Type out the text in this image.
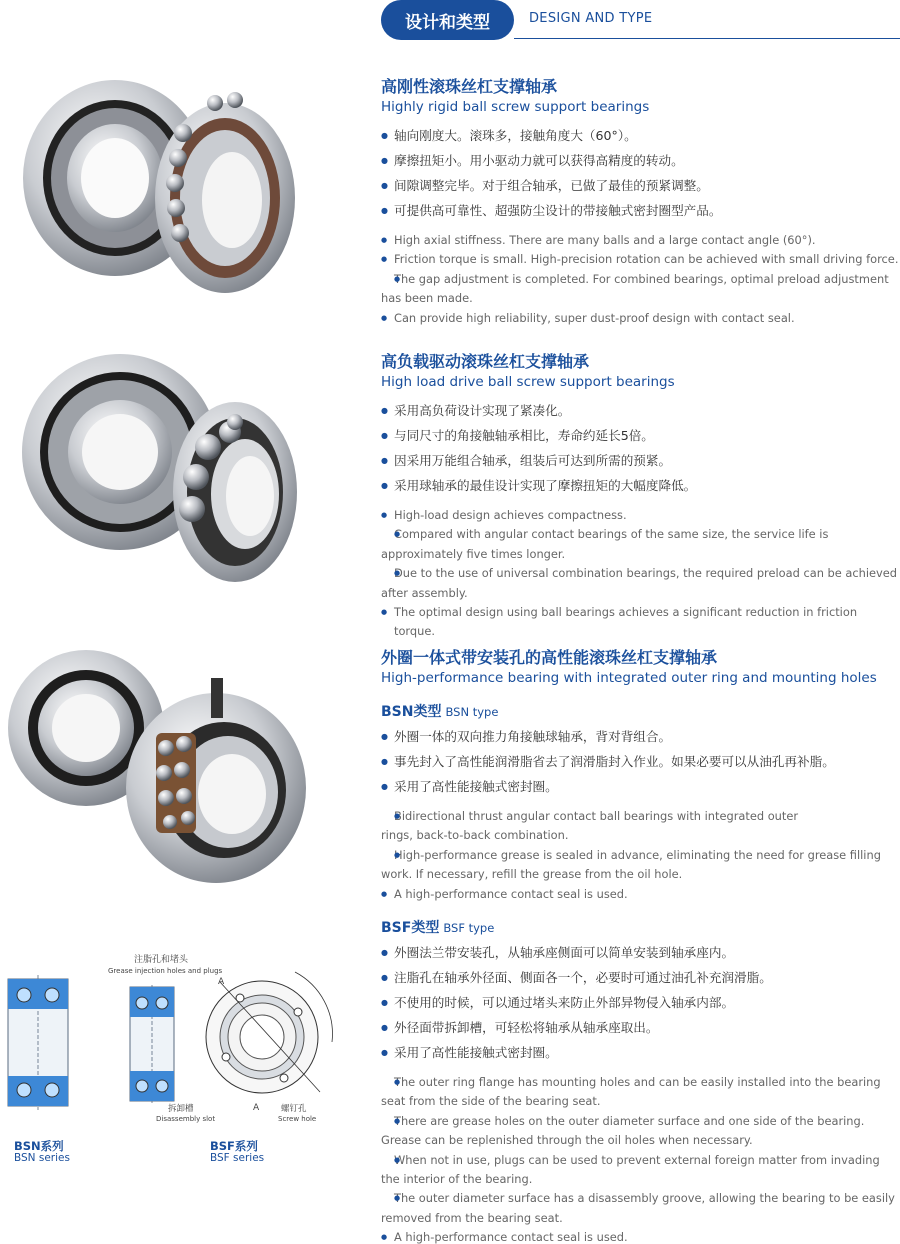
设计和类型	DESIGN AND TYPE
注脂孔和堵头
Grease injection holes and plugs
拆卸槽
Disassembly slot
螺钉孔
Screw hole
A
A
BSN系列
BSN series
BSF系列
BSF series
高刚性滚珠丝杠支撑轴承
Highly rigid ball screw support bearings
● 轴向刚度大。滚珠多，接触角度大（60°）。
● 摩擦扭矩小。用小驱动力就可以获得高精度的转动。
● 间隙调整完毕。对于组合轴承，已做了最佳的预紧调整。
● 可提供高可靠性、超强防尘设计的带接触式密封圈型产品。
● High axial stiffness. There are many balls and a large contact angle (60°).
● Friction torque is small. High-precision rotation can be achieved with small driving force.
● The gap adjustment is completed. For combined bearings, optimal preload adjustment has been made.
● Can provide high reliability, super dust-proof design with contact seal.
高负载驱动滚珠丝杠支撑轴承
High load drive ball screw support bearings
● 采用高负荷设计实现了紧凑化。
● 与同尺寸的角接触轴承相比，寿命约延长5倍。
● 因采用万能组合轴承，组装后可达到所需的预紧。
● 采用球轴承的最佳设计实现了摩擦扭矩的大幅度降低。
● High-load design achieves compactness.
● Compared with angular contact bearings of the same size, the service life is approximately five times longer.
● Due to the use of universal combination bearings, the required preload can be achieved after assembly.
● The optimal design using ball bearings achieves a significant reduction in friction torque.
外圈一体式带安装孔的高性能滚珠丝杠支撑轴承
High-performance bearing with integrated outer ring and mounting holes
BSN类型 BSN type
● 外圈一体的双向推力角接触球轴承，背对背组合。
● 事先封入了高性能润滑脂省去了润滑脂封入作业。如果必要可以从油孔再补脂。
● 采用了高性能接触式密封圈。
● Bidirectional thrust angular contact ball bearings with integrated outer rings, back-to-back combination.
● High-performance grease is sealed in advance, eliminating the need for grease filling work. If necessary, refill the grease from the oil hole.
● A high-performance contact seal is used.
BSF类型 BSF type
● 外圈法兰带安装孔，从轴承座侧面可以简单安装到轴承座内。
● 注脂孔在轴承外径面、侧面各一个，必要时可通过油孔补充润滑脂。
● 不使用的时候，可以通过堵头来防止外部异物侵入轴承内部。
● 外径面带拆卸槽，可轻松将轴承从轴承座取出。
● 采用了高性能接触式密封圈。
● The outer ring flange has mounting holes and can be easily installed into the bearing seat from the side of the bearing seat.
● There are grease holes on the outer diameter surface and one side of the bearing. Grease can be replenished through the oil holes when necessary.
● When not in use, plugs can be used to prevent external foreign matter from invading the interior of the bearing.
● The outer diameter surface has a disassembly groove, allowing the bearing to be easily removed from the bearing seat.
● A high-performance contact seal is used.
